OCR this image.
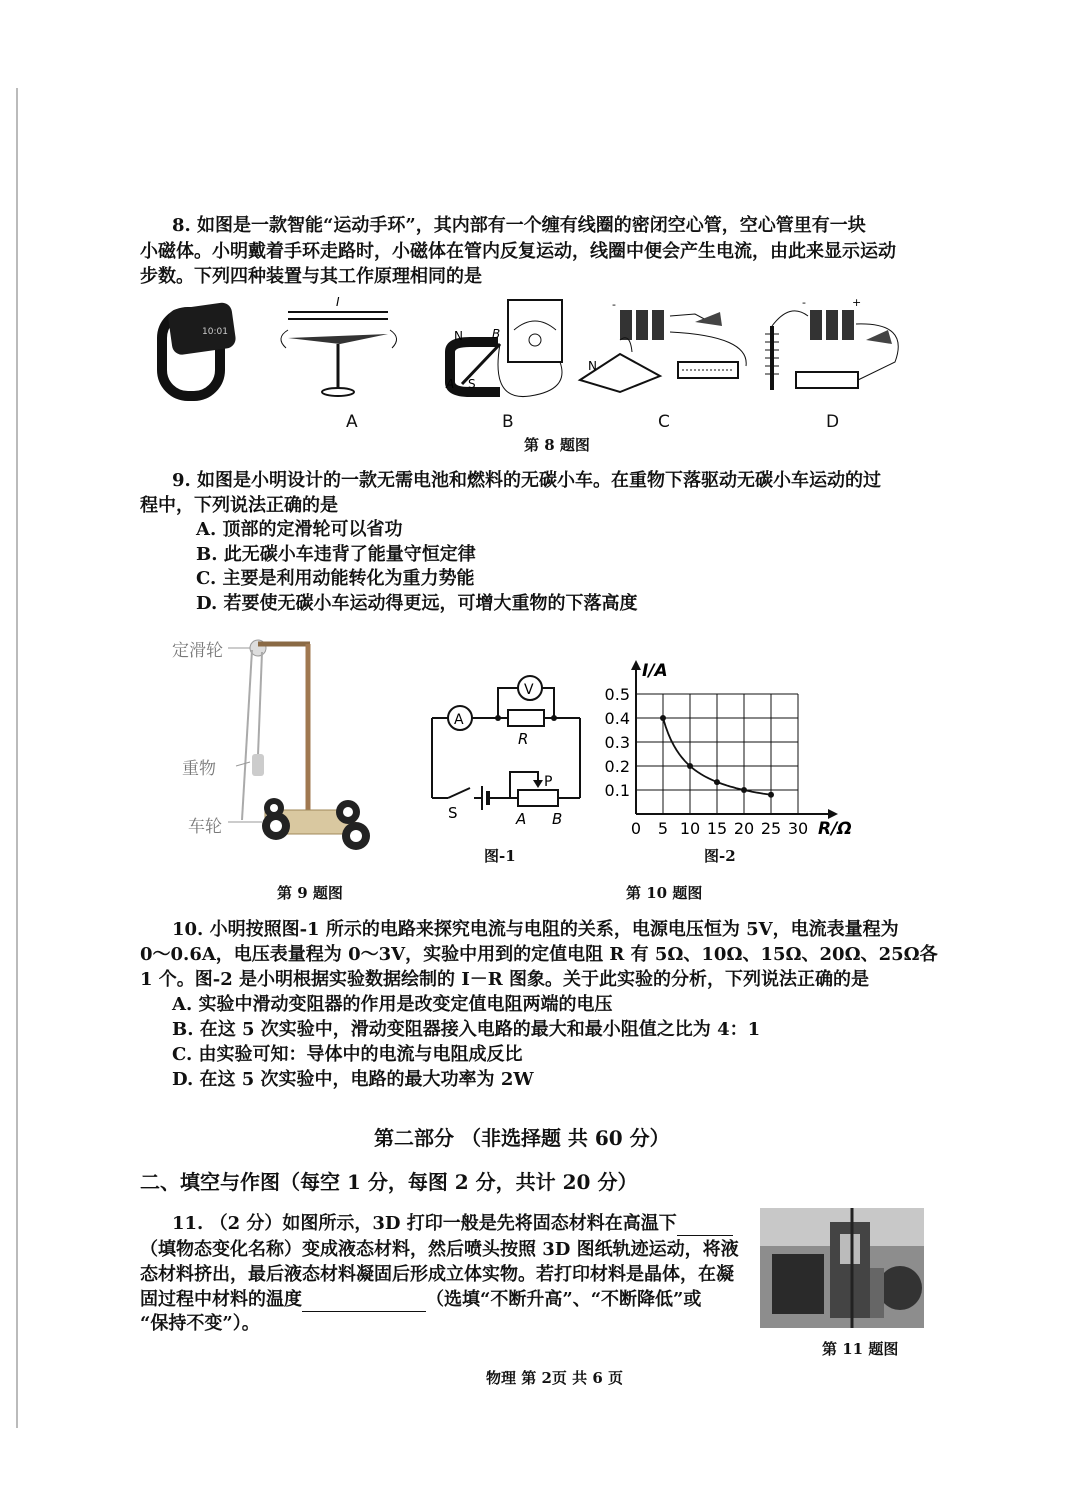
8. 如图是一款智能“运动手环”，其内部有一个缠有线圈的密闭空心管，空心管里有一块
小磁体。小明戴着手环走路时，小磁体在管内反复运动，线圈中便会产生电流，由此来显示运动
步数。下列四种装置与其工作原理相同的是
10:01
I
N
S
A
B
-
N
-	+
A	B	C	D
第 8 题图
9. 如图是小明设计的一款无需电池和燃料的无碳小车。在重物下落驱动无碳小车运动的过
程中，下列说法正确的是
A. 顶部的定滑轮可以省功
B. 此无碳小车违背了能量守恒定律
C. 主要是利用动能转化为重力势能
D. 若要使无碳小车运动得更远，可增大重物的下落高度
定滑轮
重物
车轮
第 9 题图
A
R
V
S
P
A B
图-1
0 5 10 15 20 25 30
0.1
0.2
0.3
0.4
0.5
I/A
R/Ω
图-2
第 10 题图
10. 小明按照图-1 所示的电路来探究电流与电阻的关系，电源电压恒为 5V，电流表量程为
0～0.6A，电压表量程为 0～3V，实验中用到的定值电阻 R 有 5Ω、10Ω、15Ω、20Ω、25Ω各
1 个。图-2 是小明根据实验数据绘制的 I－R 图象。关于此实验的分析，下列说法正确的是
A. 实验中滑动变阻器的作用是改变定值电阻两端的电压
B. 在这 5 次实验中，滑动变阻器接入电路的最大和最小阻值之比为 4：1
C. 由实验可知：导体中的电流与电阻成反比
D. 在这 5 次实验中，电路的最大功率为 2W
第二部分 （非选择题 共 60 分）
二、填空与作图（每空 1 分，每图 2 分，共计 20 分）
11. （2 分）如图所示，3D 打印一般是先将固态材料在高温下
（填物态变化名称）变成液态材料，然后喷头按照 3D 图纸轨迹运动，将液
态材料挤出，最后液态材料凝固后形成立体实物。若打印材料是晶体，在凝
固过程中材料的温度	（选填“不断升高”、“不断降低”或
“保持不变”）。
第 11 题图
物理 第 2页 共 6 页
